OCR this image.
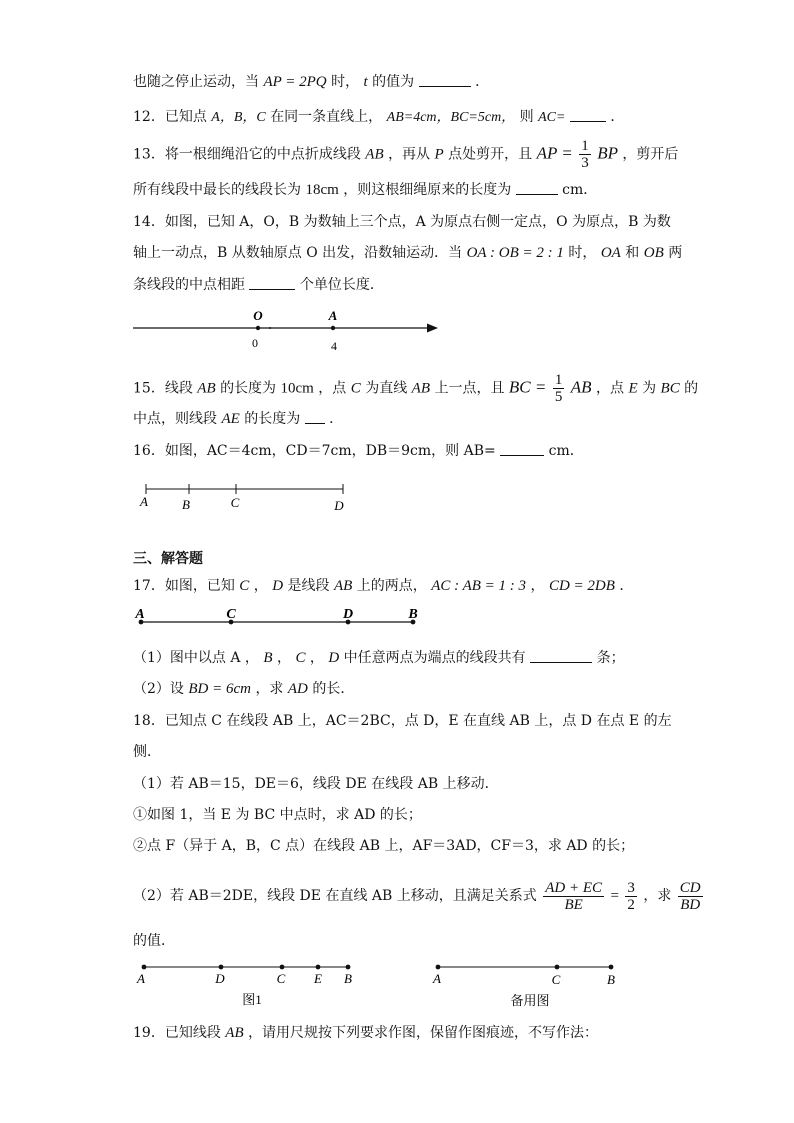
也随之停止运动，当 AP = 2PQ 时， t 的值为	．
12．已知点 A，B，C 在同一条直线上， AB=4cm，BC=5cm， 则 AC=	．
13．将一根细绳沿它的中点折成线段 AB ，再从 P 点处剪开，且 AP = $\frac{1}{3}$ BP ，剪开后
所有线段中最长的线段长为 18cm ，则这根细绳原来的长度为	cm．
14．如图，已知 A，O，B 为数轴上三个点，A 为原点右侧一定点，O 为原点，B 为数
轴上一动点，B 从数轴原点 O 出发，沿数轴运动．当 OA : OB = 2 : 1 时， OA 和 OB 两
条线段的中点相距	个单位长度．
15．线段 AB 的长度为 10cm ，点 C 为直线 AB 上一点，且 BC = $\frac{1}{5}$ AB ，点 E 为 BC 的
中点，则线段 AE 的长度为 ．
16．如图，AC＝4cm，CD＝7cm，DB＝9cm，则 AB=	cm．
三、解答题
17．如图，已知 C ， D 是线段 AB 上的两点， AC : AB = 1 : 3 ， CD = 2DB ．
（1）图中以点 A ， B ， C ， D 中任意两点为端点的线段共有	条；
（2）设 BD = 6cm ，求 AD 的长．
18．已知点 C 在线段 AB 上，AC＝2BC，点 D，E 在直线 AB 上，点 D 在点 E 的左
侧．
（1）若 AB＝15，DE＝6，线段 DE 在线段 AB 上移动．
①如图 1，当 E 为 BC 中点时，求 AD 的长；
②点 F（异于 A，B，C 点）在线段 AB 上，AF＝3AD，CF＝3，求 AD 的长；
（2）若 AB＝2DE，线段 DE 在直线 AB 上移动，且满足关系式 $\frac{AD + EC}{BE} = \frac{3}{2}$ ，求 $\frac{CD}{BD}$
的值．
19．已知线段 AB ，请用尺规按下列要求作图，保留作图痕迹，不写作法：
O	A
0	4
A	B	C	D
A	C	D	B
A	D	C E B
图1
A	C	B
备用图
